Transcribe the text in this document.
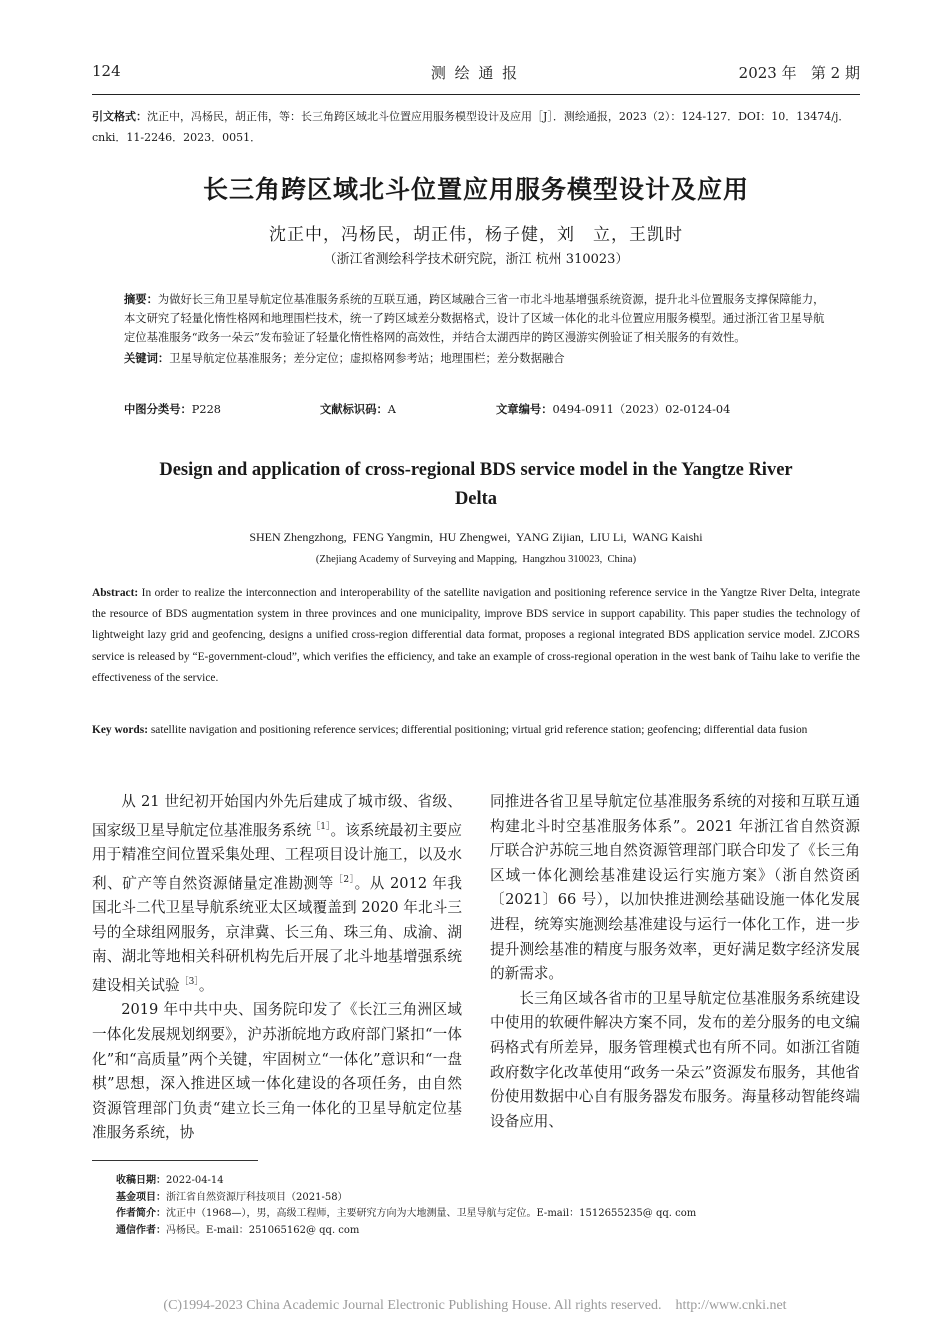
124	测 绘 通 报	2023 年   第 2 期
引文格式：沈正中，冯杨民，胡正伟，等：长三角跨区域北斗位置应用服务模型设计及应用［J］．测绘通报，2023（2）：124-127．DOI：10．13474/j．cnki．11-2246．2023．0051．
长三角跨区域北斗位置应用服务模型设计及应用
沈正中，冯杨民，胡正伟，杨子健，刘　立，王凯时
（浙江省测绘科学技术研究院，浙江 杭州 310023）
摘要：为做好长三角卫星导航定位基准服务系统的互联互通，跨区域融合三省一市北斗地基增强系统资源，提升北斗位置服务支撑保障能力，本文研究了轻量化惰性格网和地理围栏技术，统一了跨区域差分数据格式，设计了区域一体化的北斗位置应用服务模型。通过浙江省卫星导航定位基准服务“政务一朵云”发布验证了轻量化惰性格网的高效性，并结合太湖西岸的跨区漫游实例验证了相关服务的有效性。
关键词：卫星导航定位基准服务；差分定位；虚拟格网参考站；地理围栏；差分数据融合
中图分类号：P228	文献标识码：A	文章编号：0494-0911（2023）02-0124-04
Design and application of cross-regional BDS service model in the Yangtze River Delta
SHEN Zhengzhong,  FENG Yangmin,  HU Zhengwei,  YANG Zijian,  LIU Li,  WANG Kaishi
(Zhejiang Academy of Surveying and Mapping,  Hangzhou 310023,  China)
Abstract: In order to realize the interconnection and interoperability of the satellite navigation and positioning reference service in the Yangtze River Delta, integrate the resource of BDS augmentation system in three provinces and one municipality, improve BDS service in support capability. This paper studies the technology of lightweight lazy grid and geofencing, designs a unified cross-region differential data format, proposes a regional integrated BDS application service model. ZJCORS service is released by “E-government-cloud”, which verifies the efficiency, and take an example of cross-regional operation in the west bank of Taihu lake to verifie the effectiveness of the service.
Key words: satellite navigation and positioning reference services; differential positioning; virtual grid reference station; geofencing; differential data fusion

从 21 世纪初开始国内外先后建成了城市级、省级、国家级卫星导航定位基准服务系统$^{[1]}$。该系统最初主要应用于精准空间位置采集处理、工程项目设计施工，以及水利、矿产等自然资源储量定准勘测等$^{[2]}$。从 2012 年我国北斗二代卫星导航系统亚太区域覆盖到 2020 年北斗三号的全球组网服务，京津冀、长三角、珠三角、成渝、湖南、湖北等地相关科研机构先后开展了北斗地基增强系统建设相关试验$^{[3]}$。

2019 年中共中央、国务院印发了《长江三角洲区域一体化发展规划纲要》，沪苏浙皖地方政府部门紧扣“一体化”和“高质量”两个关键，牢固树立“一体化”意识和“一盘棋”思想，深入推进区域一体化建设的各项任务，由自然资源管理部门负责“建立长三角一体化的卫星导航定位基准服务系统，协

同推进各省卫星导航定位基准服务系统的对接和互联互通构建北斗时空基准服务体系”。2021 年浙江省自然资源厅联合沪苏皖三地自然资源管理部门联合印发了《长三角区域一体化测绘基准建设运行实施方案》（浙自然资函〔2021〕66 号），以加快推进测绘基础设施一体化发展进程，统筹实施测绘基准建设与运行一体化工作，进一步提升测绘基准的精度与服务效率，更好满足数字经济发展的新需求。

长三角区域各省市的卫星导航定位基准服务系统建设中使用的软硬件解决方案不同，发布的差分服务的电文编码格式有所差异，服务管理模式也有所不同。如浙江省随政府数字化改革使用“政务一朵云”资源发布服务，其他省份使用数据中心自有服务器发布服务。海量移动智能终端设备应用、

收稿日期：2022-04-14
基金项目：浙江省自然资源厅科技项目（2021-58）
作者简介：沈正中（1968—），男，高级工程师，主要研究方向为大地测量、卫星导航与定位。E-mail：1512655235@ qq. com
通信作者：冯杨民。E-mail：251065162@ qq. com
(C)1994-2023 China Academic Journal Electronic Publishing House. All rights reserved.    http://www.cnki.net
